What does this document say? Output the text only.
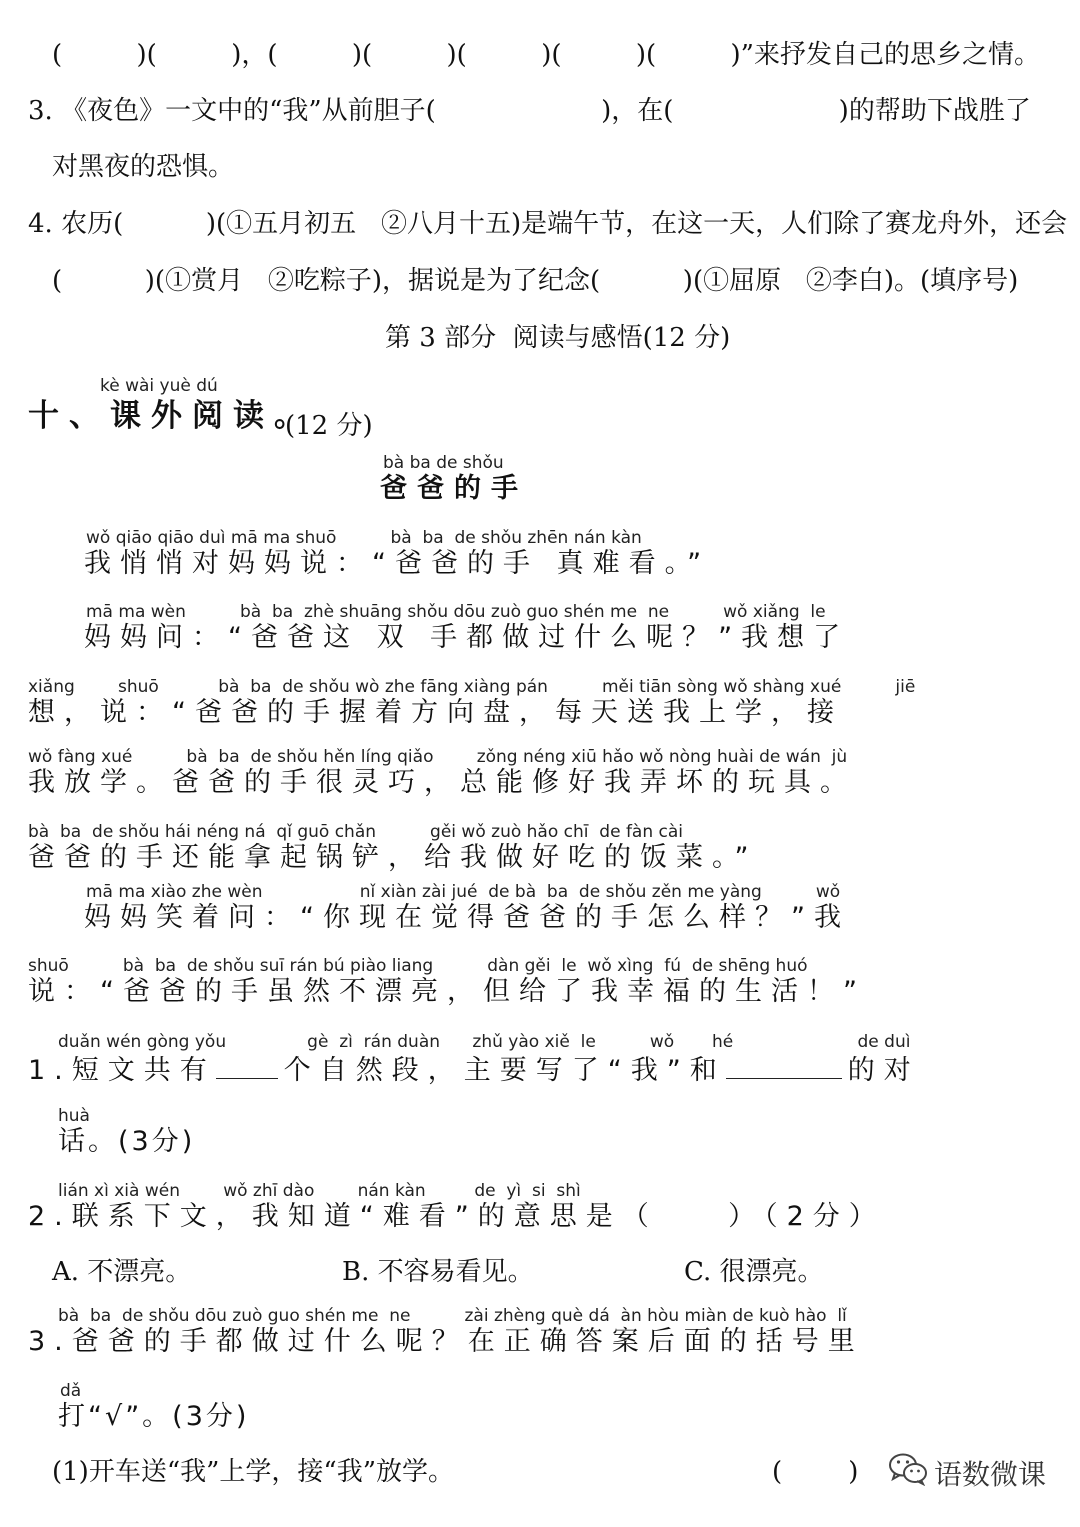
(         )(         )，(         )(         )(         )(         )(         )”来抒发自己的思乡之情。
3. 《夜色》一文中的“我”从前胆子(                    )，在(                    )的帮助下战胜了
对黑夜的恐惧。
4. 农历(          )(①五月初五   ②八月十五)是端午节，在这一天，人们除了赛龙舟外，还会
(          )(①赏月   ②吃粽子)，据说是为了纪念(          )(①屈原   ②李白)。(填序号)
第 3 部分  阅读与感悟(12 分)
kè wài yuè dú
十、课外阅读。
(12 分)
bà ba de shǒu
爸爸的手
wǒ qiāo qiāo duì mā ma shuō          bà  ba  de shǒu zhēn nán kàn
我悄悄对妈妈说：“爸爸的手 真难看。”
mā ma wèn          bà  ba  zhè shuāng shǒu dōu zuò guo shén me  ne          wǒ xiǎng  le
妈妈问：“爸爸这 双 手都做过什么呢？”我想了
xiǎng        shuō           bà  ba  de shǒu wò zhe fāng xiàng pán          měi tiān sòng wǒ shàng xué          jiē
想，说：“爸爸的手握着方向盘，每天送我上学，接
wǒ fàng xué          bà  ba  de shǒu hěn líng qiǎo        zǒng néng xiū hǎo wǒ nòng huài de wán  jù
我放学。爸爸的手很灵巧，总能修好我弄坏的玩具。
bà  ba  de shǒu hái néng ná  qǐ guō chǎn          gěi wǒ zuò hǎo chī  de fàn cài
爸爸的手还能拿起锅铲，给我做好吃的饭菜。”
mā ma xiào zhe wèn                  nǐ xiàn zài jué  de bà  ba  de shǒu zěn me yàng          wǒ
妈妈笑着问：“你现在觉得爸爸的手怎么样？”我
shuō          bà  ba  de shǒu suī rán bú piào liang          dàn gěi  le  wǒ xìng  fú  de shēng huó
说：“爸爸的手虽然不漂亮，但给了我幸福的生活！”
duǎn wén gòng yǒu               gè  zì  rán duàn      zhǔ yào xiě  le          wǒ       hé                       de duì
1.短文共有	个自然段，主要写了“我”和	的对
huà
话。(3分)
lián xì xià wén        wǒ zhī dào        nán kàn         de  yì  si  shì
2.联系下文，我知道“难看”的意思是（    ）（2分）
A. 不漂亮。	B. 不容易看见。	C. 很漂亮。
bà  ba  de shǒu dōu zuò guo shén me  ne          zài zhèng què dá  àn hòu miàn de kuò hào  lǐ
3.爸爸的手都做过什么呢？在正确答案后面的括号里
dǎ
打“√”。(3分)
(1)开车送“我”上学，接“我”放学。	(        )	语数微课
